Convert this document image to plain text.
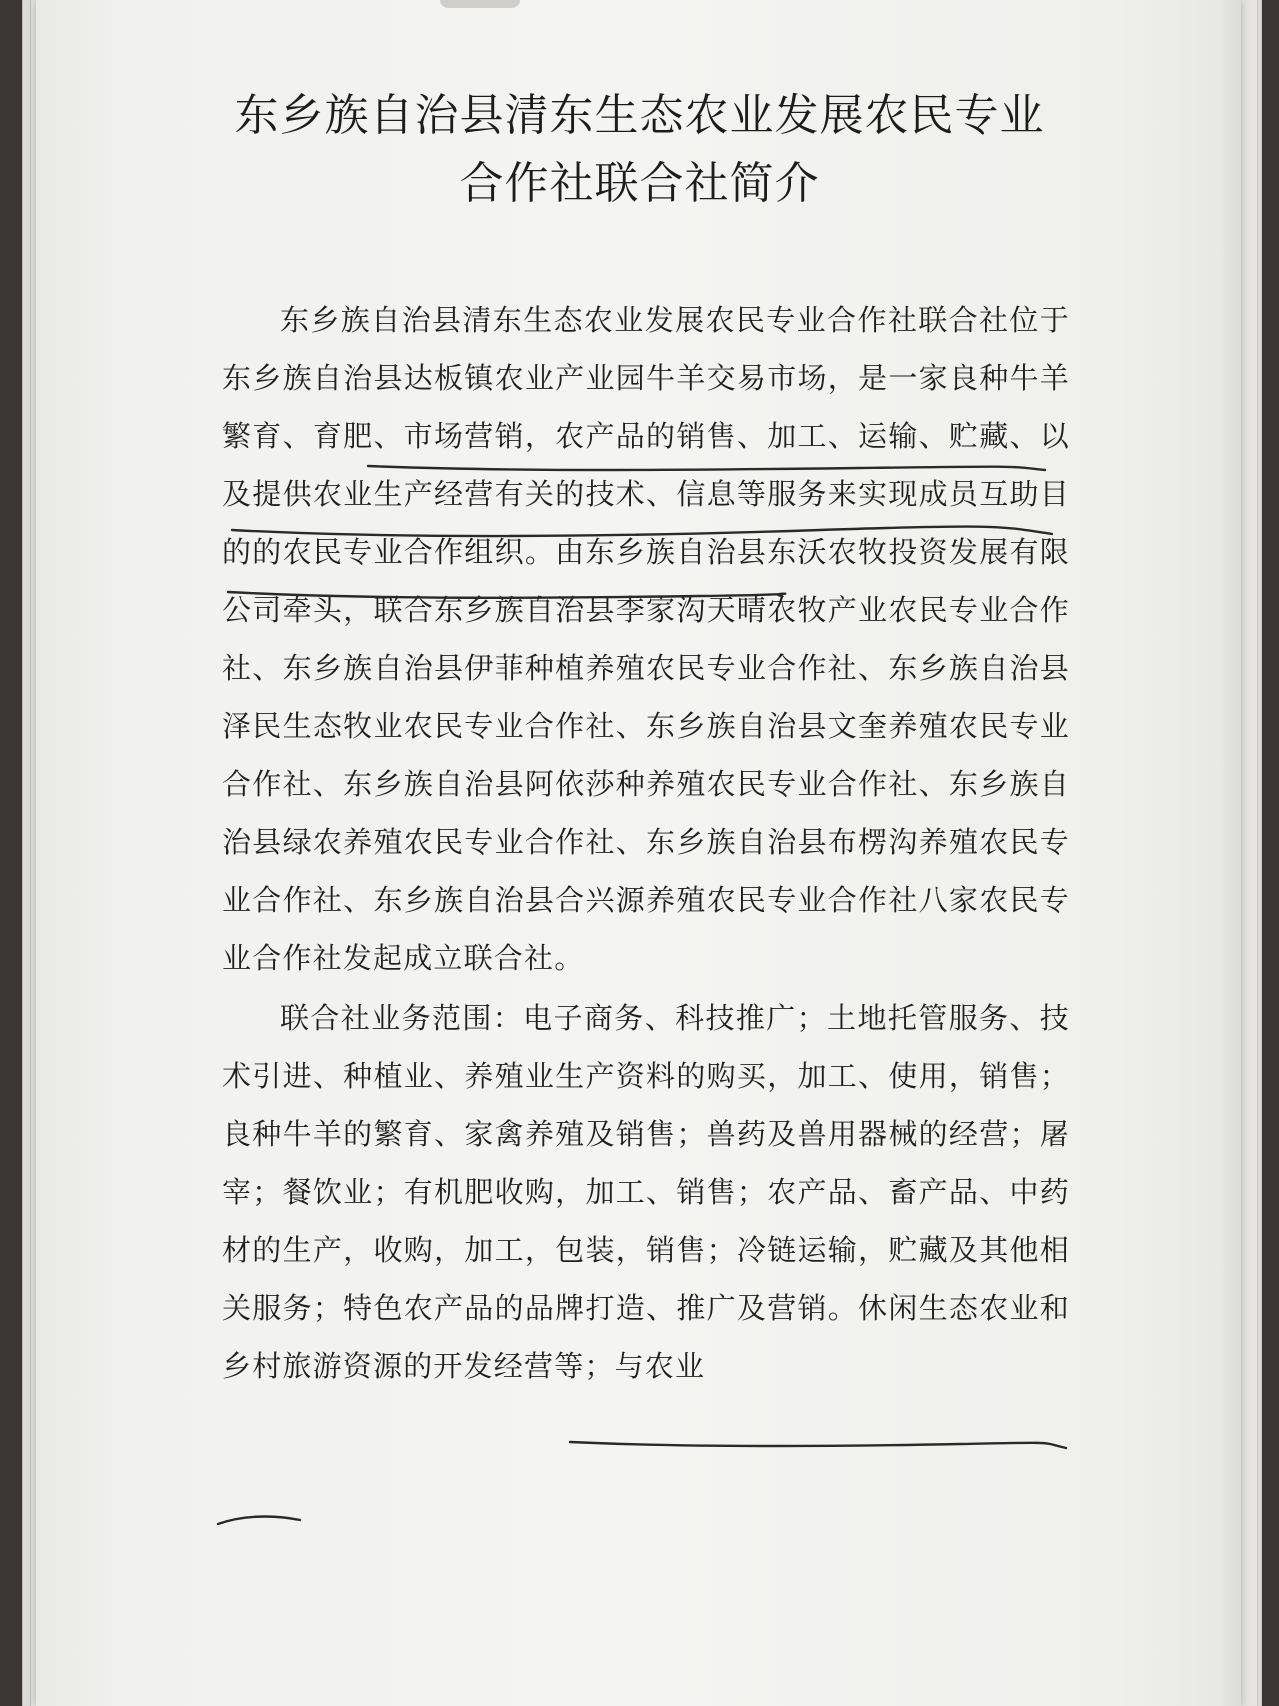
东乡族自治县清东生态农业发展农民专业
合作社联合社简介

东乡族自治县清东生态农业发展农民专业合作社联合社位于东乡族自治县达板镇农业产业园牛羊交易市场，是一家良种牛羊繁育、育肥、市场营销，农产品的销售、加工、运输、贮藏、以及提供农业生产经营有关的技术、信息等服务来实现成员互助目的的农民专业合作组织。由东乡族自治县东沃农牧投资发展有限公司牵头，联合东乡族自治县李家沟天晴农牧产业农民专业合作社、东乡族自治县伊菲种植养殖农民专业合作社、东乡族自治县泽民生态牧业农民专业合作社、东乡族自治县文奎养殖农民专业合作社、东乡族自治县阿依莎种养殖农民专业合作社、东乡族自治县绿农养殖农民专业合作社、东乡族自治县布楞沟养殖农民专业合作社、东乡族自治县合兴源养殖农民专业合作社八家农民专业合作社发起成立联合社。

联合社业务范围：电子商务、科技推广；土地托管服务、技术引进、种植业、养殖业生产资料的购买，加工、使用，销售；良种牛羊的繁育、家禽养殖及销售；兽药及兽用器械的经营；屠宰；餐饮业；有机肥收购，加工、销售；农产品、畜产品、中药材的生产，收购，加工，包装，销售；冷链运输，贮藏及其他相关服务；特色农产品的品牌打造、推广及营销。休闲生态农业和乡村旅游资源的开发经营等；与农业
